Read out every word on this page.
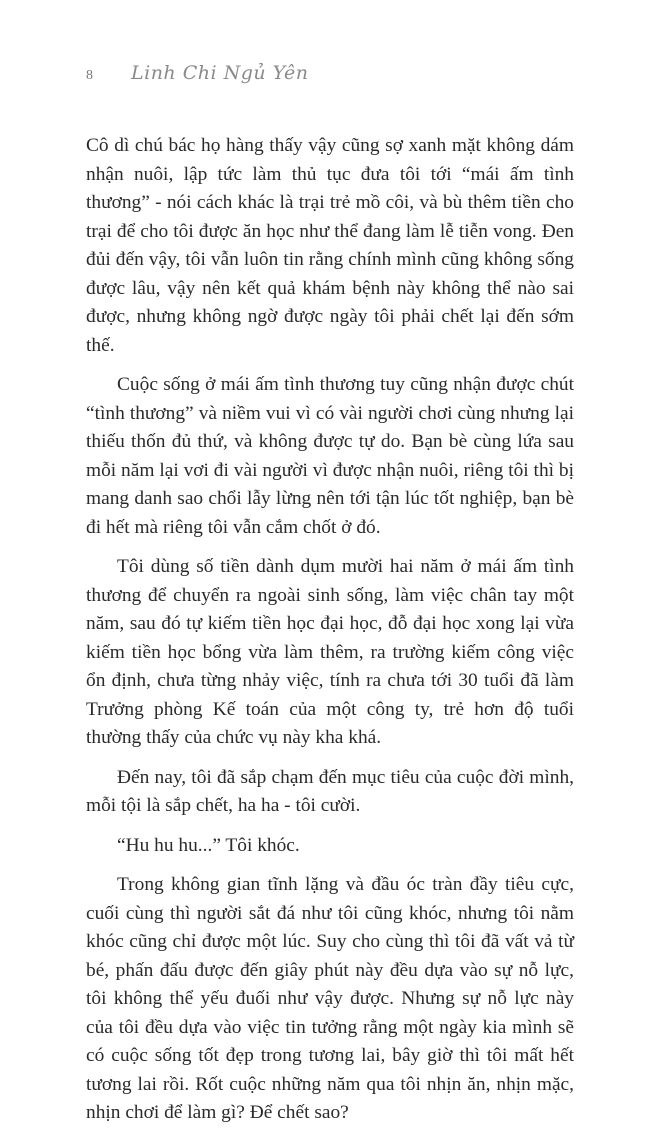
8	Linh Chi Ngủ Yên

Cô dì chú bác họ hàng thấy vậy cũng sợ xanh mặt không dám nhận nuôi, lập tức làm thủ tục đưa tôi tới “mái ấm tình thương” - nói cách khác là trại trẻ mồ côi, và bù thêm tiền cho trại để cho tôi được ăn học như thể đang làm lễ tiễn vong. Đen đủi đến vậy, tôi vẫn luôn tin rằng chính mình cũng không sống được lâu, vậy nên kết quả khám bệnh này không thể nào sai được, nhưng không ngờ được ngày tôi phải chết lại đến sớm thế.

Cuộc sống ở mái ấm tình thương tuy cũng nhận được chút “tình thương” và niềm vui vì có vài người chơi cùng nhưng lại thiếu thốn đủ thứ, và không được tự do. Bạn bè cùng lứa sau mỗi năm lại vơi đi vài người vì được nhận nuôi, riêng tôi thì bị mang danh sao chổi lẫy lừng nên tới tận lúc tốt nghiệp, bạn bè đi hết mà riêng tôi vẫn cắm chốt ở đó.

Tôi dùng số tiền dành dụm mười hai năm ở mái ấm tình thương để chuyển ra ngoài sinh sống, làm việc chân tay một năm, sau đó tự kiếm tiền học đại học, đỗ đại học xong lại vừa kiếm tiền học bổng vừa làm thêm, ra trường kiếm công việc ổn định, chưa từng nhảy việc, tính ra chưa tới 30 tuổi đã làm Trưởng phòng Kế toán của một công ty, trẻ hơn độ tuổi thường thấy của chức vụ này kha khá.

Đến nay, tôi đã sắp chạm đến mục tiêu của cuộc đời mình, mỗi tội là sắp chết, ha ha - tôi cười.

“Hu hu hu...” Tôi khóc.

Trong không gian tĩnh lặng và đầu óc tràn đầy tiêu cực, cuối cùng thì người sắt đá như tôi cũng khóc, nhưng tôi nằm khóc cũng chỉ được một lúc. Suy cho cùng thì tôi đã vất vả từ bé, phấn đấu được đến giây phút này đều dựa vào sự nỗ lực, tôi không thể yếu đuối như vậy được. Nhưng sự nỗ lực này của tôi đều dựa vào việc tin tưởng rằng một ngày kia mình sẽ có cuộc sống tốt đẹp trong tương lai, bây giờ thì tôi mất hết tương lai rồi. Rốt cuộc những năm qua tôi nhịn ăn, nhịn mặc, nhịn chơi để làm gì? Để chết sao?
